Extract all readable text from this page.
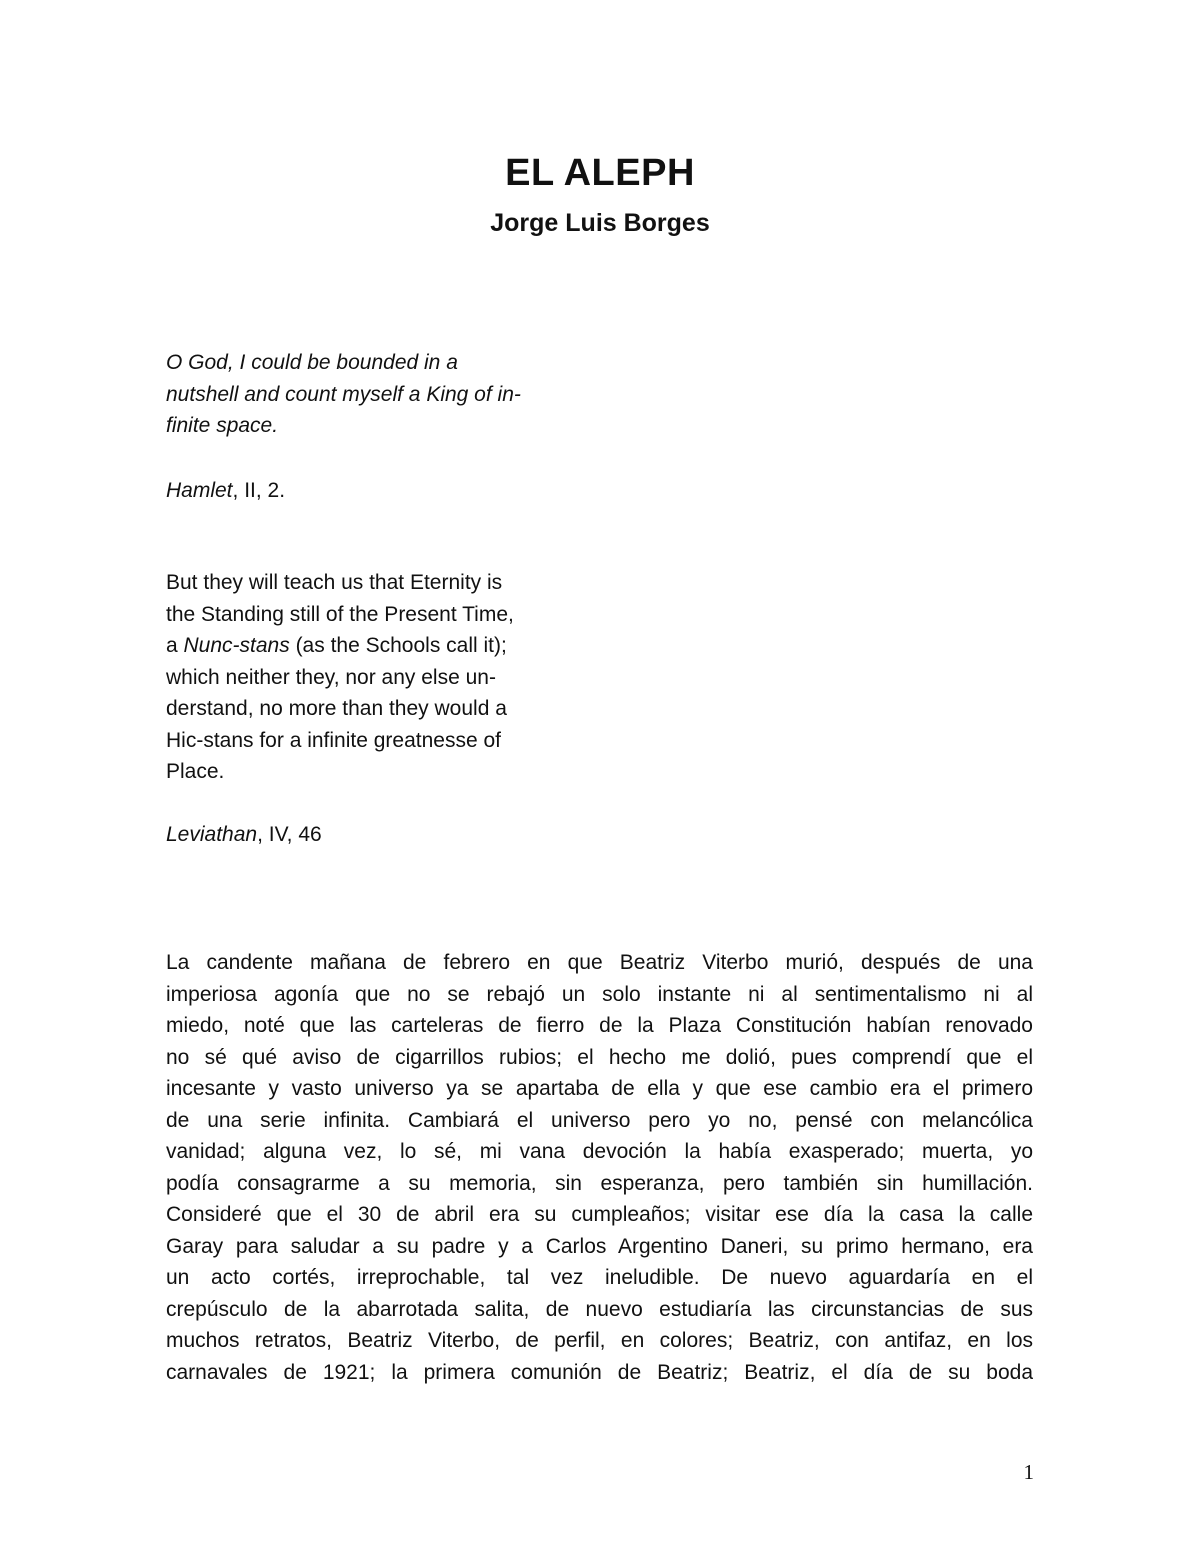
EL ALEPH
Jorge Luis Borges
O God, I could be bounded in a
nutshell and count myself a King of in-
finite space.
Hamlet, II, 2.
But they will teach us that Eternity is
the Standing still of the Present Time,
a Nunc-stans (as the Schools call it);
which neither they, nor any else un-
derstand, no more than they would a
Hic-stans for a infinite greatnesse of
Place.
Leviathan, IV, 46
La candente mañana de febrero en que Beatriz Viterbo murió, después de una
imperiosa agonía que no se rebajó un solo instante ni al sentimentalismo ni al
miedo, noté que las carteleras de fierro de la Plaza Constitución habían renovado
no sé qué aviso de cigarrillos rubios; el hecho me dolió, pues comprendí que el
incesante y vasto universo ya se apartaba de ella y que ese cambio era el primero
de una serie infinita. Cambiará el universo pero yo no, pensé con melancólica
vanidad; alguna vez, lo sé, mi vana devoción la había exasperado; muerta, yo
podía consagrarme a su memoria, sin esperanza, pero también sin humillación.
Consideré que el 30 de abril era su cumpleaños; visitar ese día la casa la calle
Garay para saludar a su padre y a Carlos Argentino Daneri, su primo hermano, era
un acto cortés, irreprochable, tal vez ineludible. De nuevo aguardaría en el
crepúsculo de la abarrotada salita, de nuevo estudiaría las circunstancias de sus
muchos retratos, Beatriz Viterbo, de perfil, en colores; Beatriz, con antifaz, en los
carnavales de 1921; la primera comunión de Beatriz; Beatriz, el día de su boda
1
